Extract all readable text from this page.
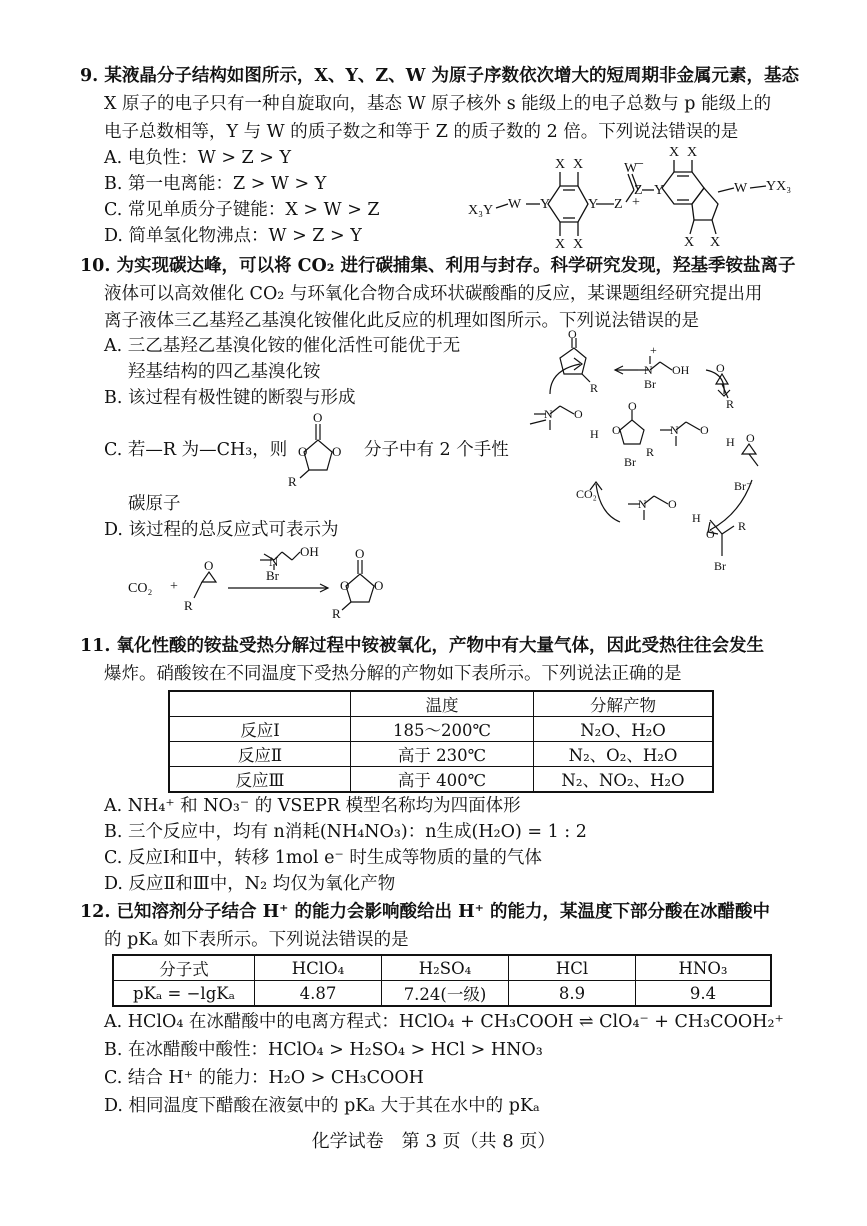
9. 某液晶分子结构如图所示，X、Y、Z、W 为原子序数依次增大的短周期非金属元素，基态
X 原子的电子只有一种自旋取向，基态 W 原子核外 s 能级上的电子总数与 p 能级上的
电子总数相等，Y 与 W 的质子数之和等于 Z 的质子数的 2 倍。下列说法错误的是
A. 电负性：W > Z > Y
B. 第一电离能：Z > W > Y
C. 常见单质分子键能：X > W > Z
D. 简单氢化物沸点：W > Z > Y
X₃Y W Y	Y Z
Z
W
−
+
Y
X X
X X
X X
X X
W YX₃
10. 为实现碳达峰，可以将 CO₂ 进行碳捕集、利用与封存。科学研究发现，羟基季铵盐离子
液体可以高效催化 CO₂ 与环氧化合物合成环状碳酸酯的反应，某课题组经研究提出用
离子液体三乙基羟乙基溴化铵催化此反应的机理如图所示。下列说法错误的是
A. 三乙基羟乙基溴化铵的催化活性可能优于无
羟基结构的四乙基溴化铵
B. 该过程有极性键的断裂与形成
C. 若—R 为—CH₃，则
O
O O
R
分子中有 2 个手性
碳原子
D. 该过程的总反应式可表示为
CO₂ +
O
R
N
Br
OH	O
O O
R
O
R
N
+
Br
OH O
R
N O
H
O
O
R
Br
N O
H O
Br⁻
CO₂
N O
H
O
R
Br
11. 氧化性酸的铵盐受热分解过程中铵被氧化，产物中有大量气体，因此受热往往会发生
爆炸。硝酸铵在不同温度下受热分解的产物如下表所示。下列说法正确的是
	温度	分解产物
反应Ⅰ	185～200℃	N₂O、H₂O
反应Ⅱ	高于 230℃	N₂、O₂、H₂O
反应Ⅲ	高于 400℃	N₂、NO₂、H₂O
A. NH₄⁺ 和 NO₃⁻ 的 VSEPR 模型名称均为四面体形
B. 三个反应中，均有 n消耗(NH₄NO₃)：n生成(H₂O) = 1 : 2
C. 反应Ⅰ和Ⅱ中，转移 1mol e⁻ 时生成等物质的量的气体
D. 反应Ⅱ和Ⅲ中，N₂ 均仅为氧化产物
12. 已知溶剂分子结合 H⁺ 的能力会影响酸给出 H⁺ 的能力，某温度下部分酸在冰醋酸中
的 pKₐ 如下表所示。下列说法错误的是
分子式	HClO₄	H₂SO₄	HCl	HNO₃
pKₐ = −lgKₐ	4.87	7.24(一级)	8.9	9.4
A. HClO₄ 在冰醋酸中的电离方程式：HClO₄ + CH₃COOH ⇌ ClO₄⁻ + CH₃COOH₂⁺
B. 在冰醋酸中酸性：HClO₄ > H₂SO₄ > HCl > HNO₃
C. 结合 H⁺ 的能力：H₂O > CH₃COOH
D. 相同温度下醋酸在液氨中的 pKₐ 大于其在水中的 pKₐ
化学试卷　第 3 页（共 8 页）
